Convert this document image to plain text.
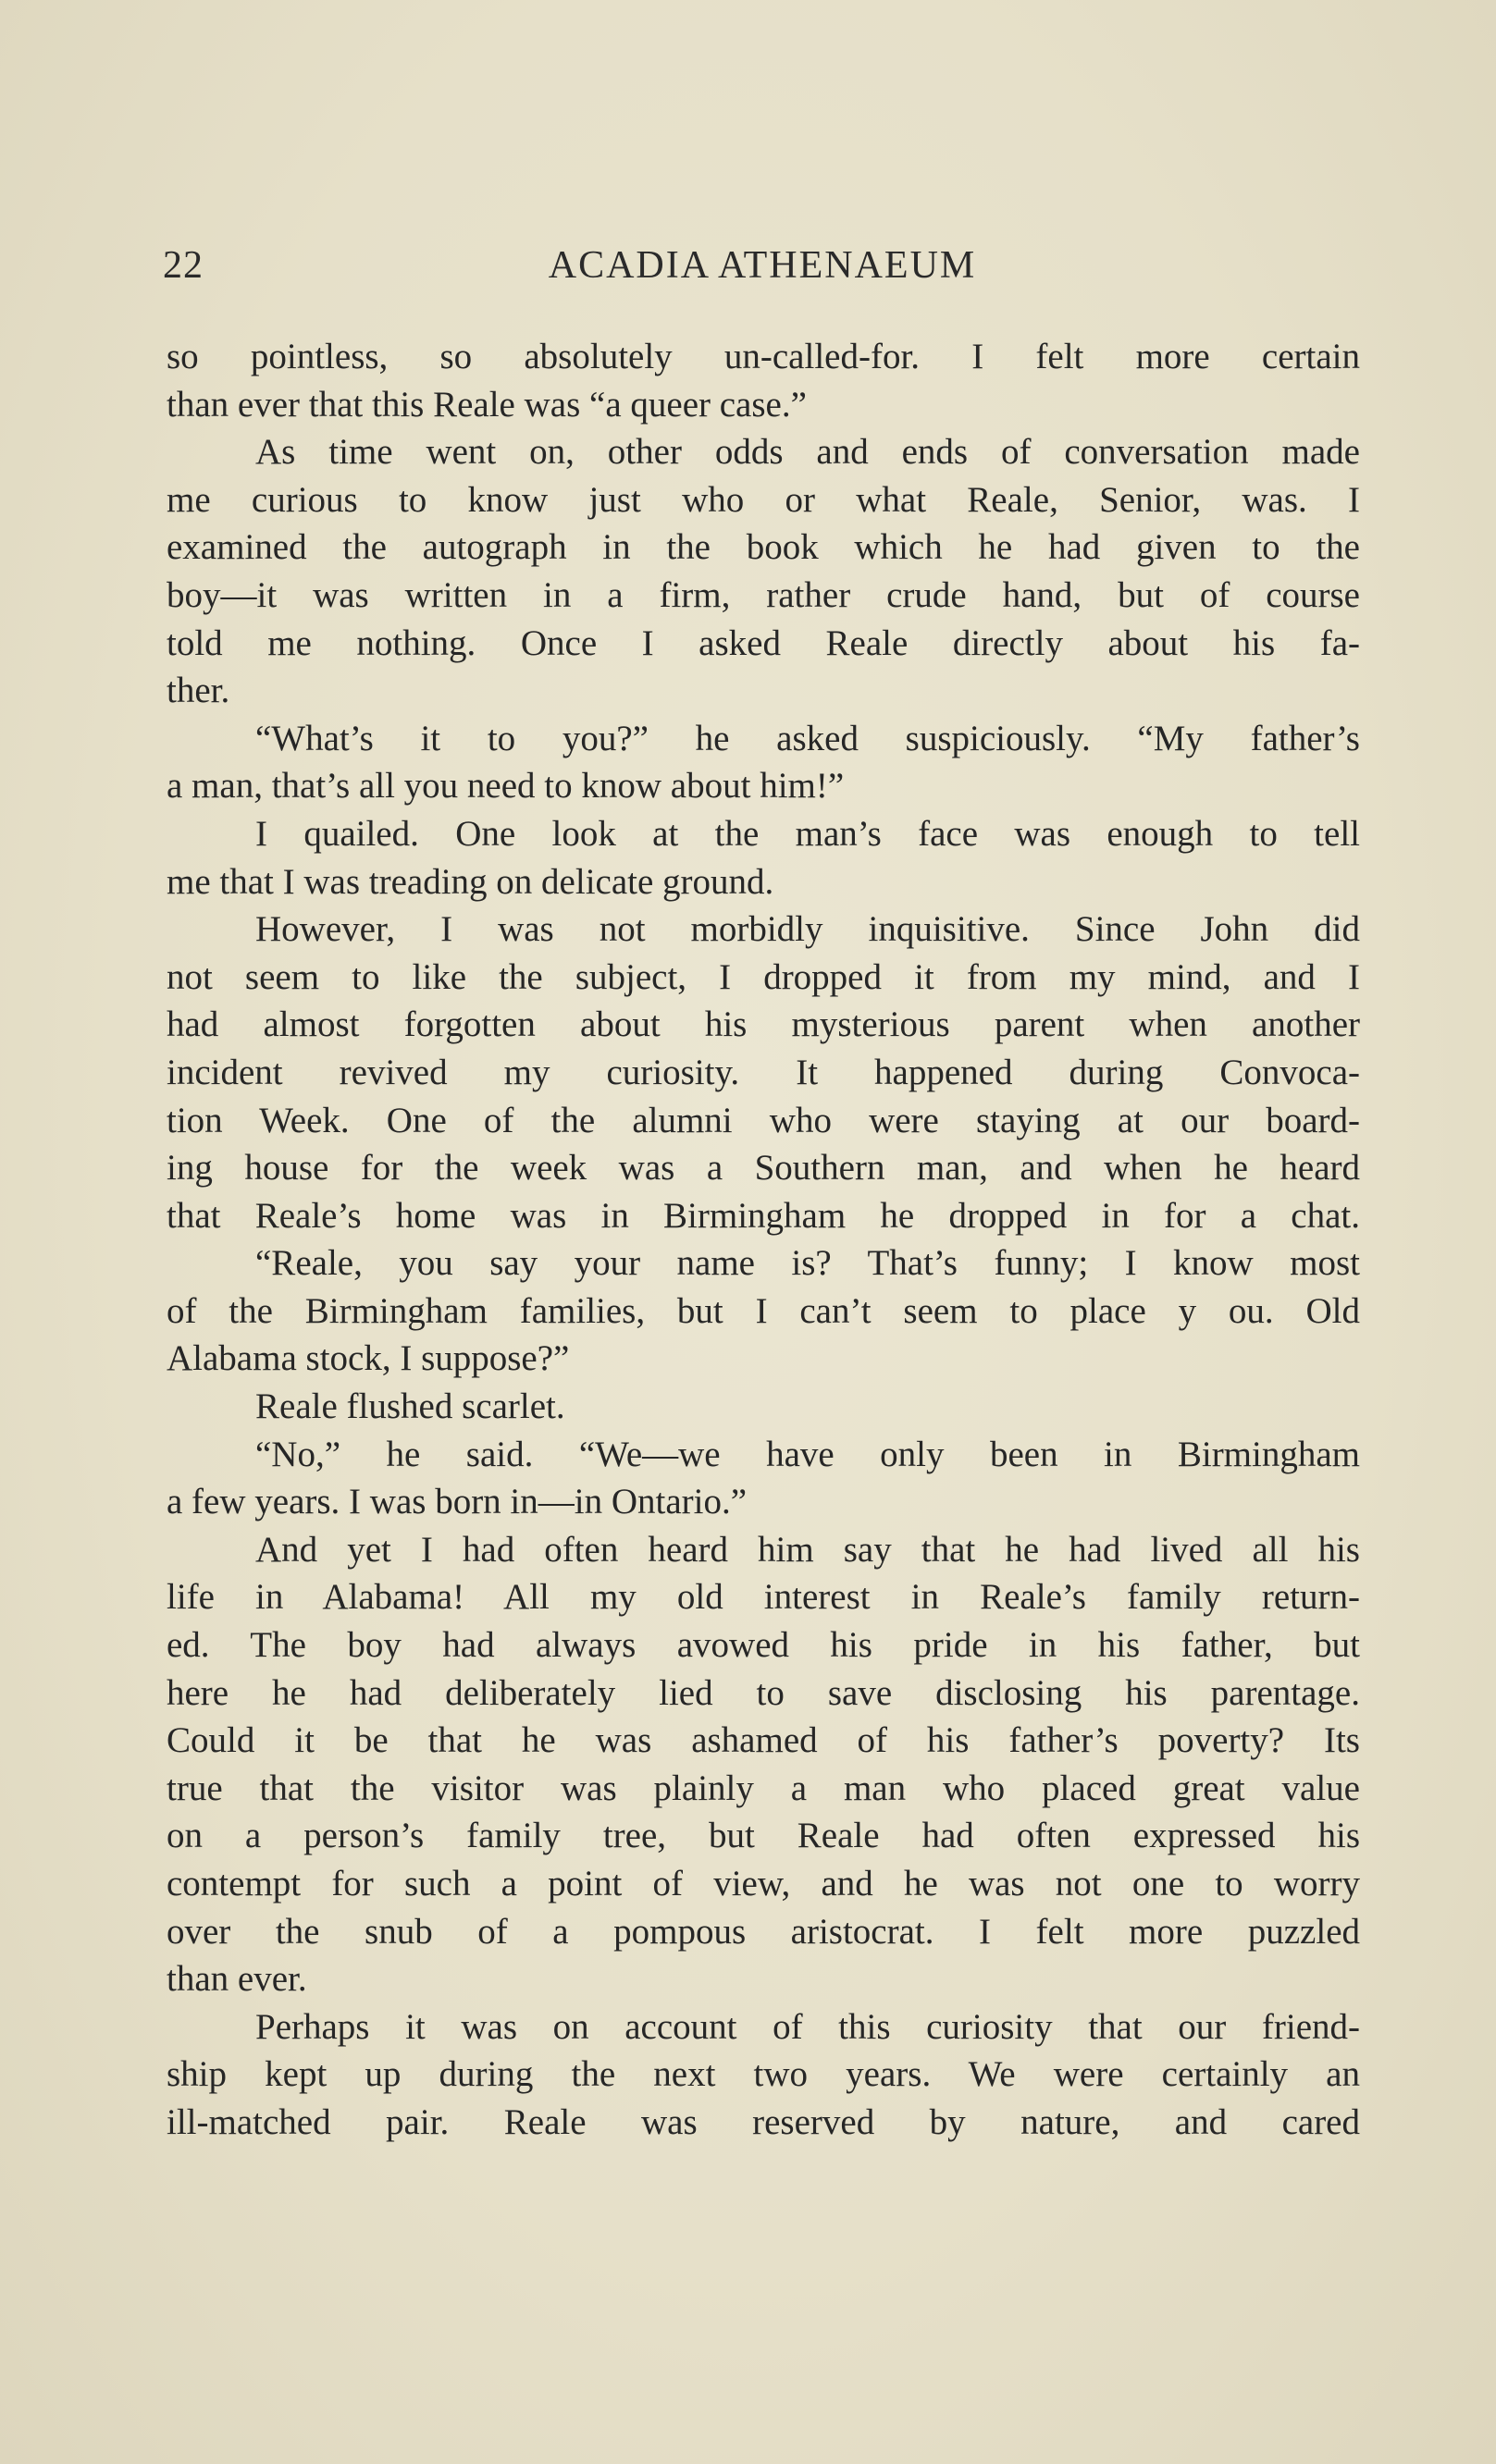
22	ACADIA ATHENAEUM
so pointless, so absolutely un-called-for. I felt more certain
than ever that this Reale was “a queer case.”
As time went on, other odds and ends of conversation made
me curious to know just who or what Reale, Senior, was. I
examined the autograph in the book which he had given to the
boy—it was written in a firm, rather crude hand, but of course
told me nothing. Once I asked Reale directly about his fa-
ther.
“What’s it to you?” he asked suspiciously. “My father’s
a man, that’s all you need to know about him!”
I quailed. One look at the man’s face was enough to tell
me that I was treading on delicate ground.
However, I was not morbidly inquisitive. Since John did
not seem to like the subject, I dropped it from my mind, and I
had almost forgotten about his mysterious parent when another
incident revived my curiosity. It happened during Convoca-
tion Week. One of the alumni who were staying at our board-
ing house for the week was a Southern man, and when he heard
that Reale’s home was in Birmingham he dropped in for a chat.
“Reale, you say your name is? That’s funny; I know most
of the Birmingham families, but I can’t seem to place y ou. Old
Alabama stock, I suppose?”
Reale flushed scarlet.
“No,” he said. “We—we have only been in Birmingham
a few years. I was born in—in Ontario.”
And yet I had often heard him say that he had lived all his
life in Alabama! All my old interest in Reale’s family return-
ed. The boy had always avowed his pride in his father, but
here he had deliberately lied to save disclosing his parentage.
Could it be that he was ashamed of his father’s poverty? Its
true that the visitor was plainly a man who placed great value
on a person’s family tree, but Reale had often expressed his
contempt for such a point of view, and he was not one to worry
over the snub of a pompous aristocrat. I felt more puzzled
than ever.
Perhaps it was on account of this curiosity that our friend-
ship kept up during the next two years. We were certainly an
ill-matched pair. Reale was reserved by nature, and cared
